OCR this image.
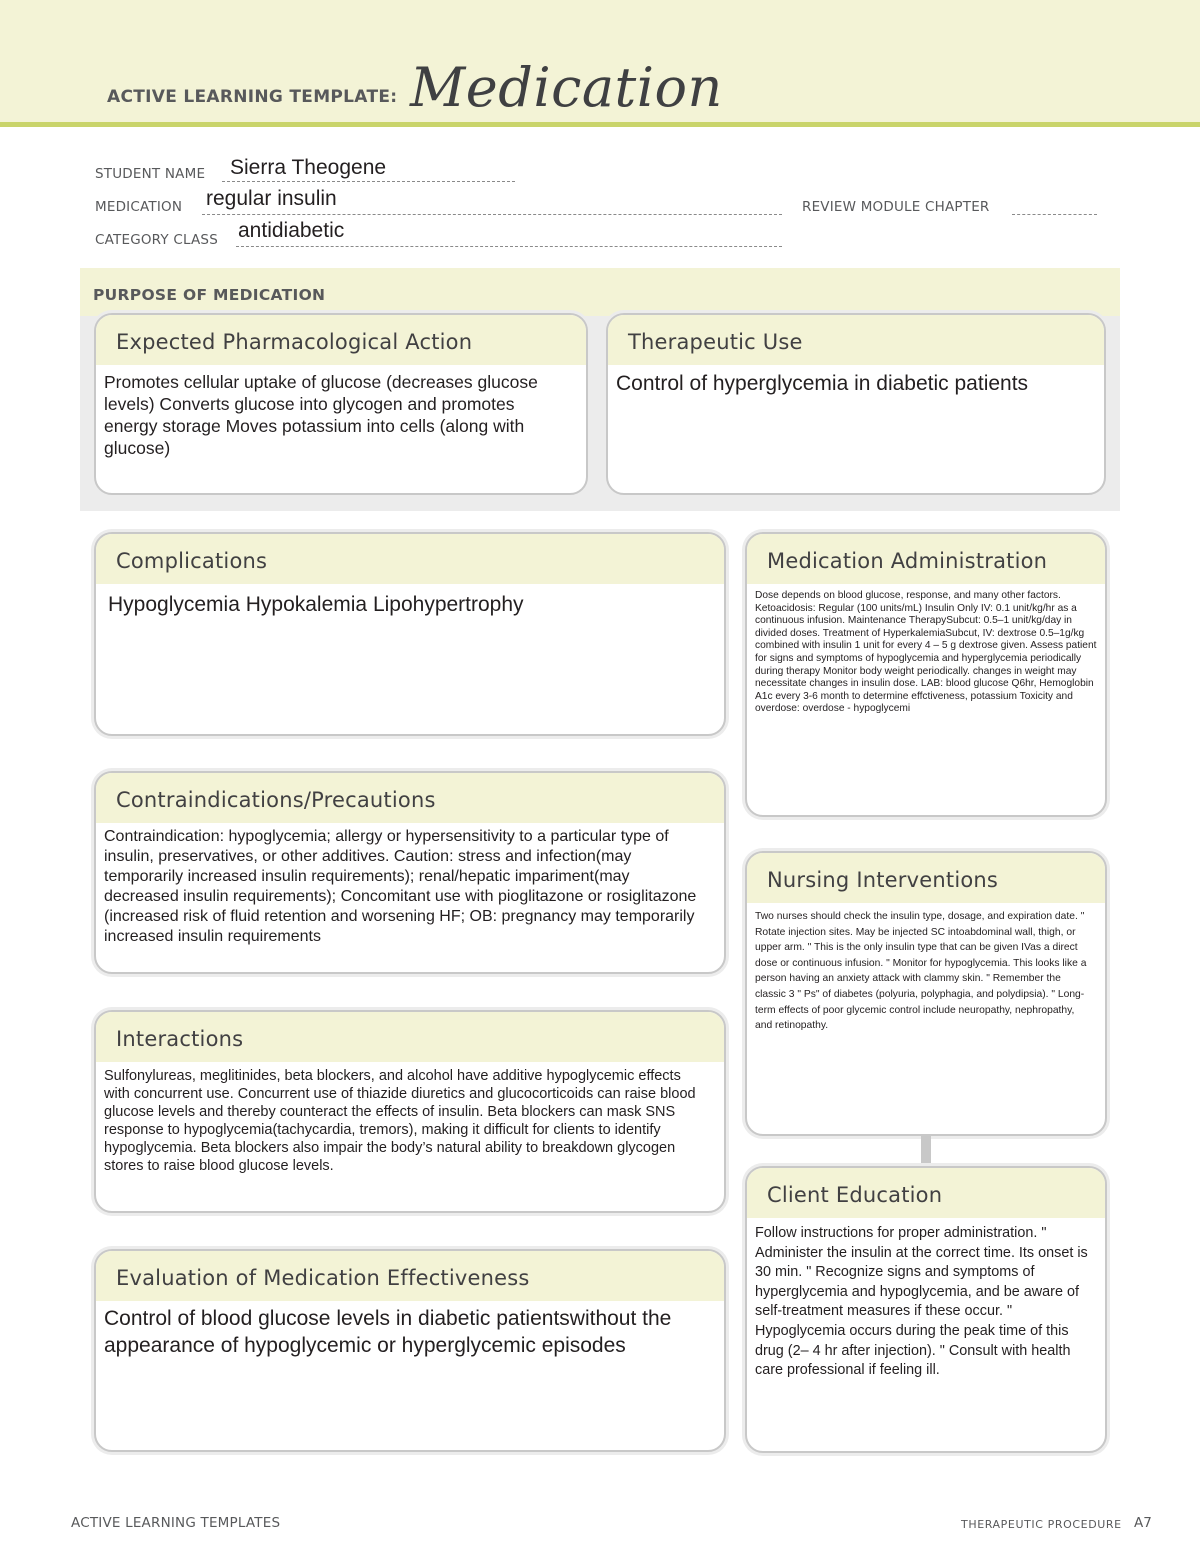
ACTIVE LEARNING TEMPLATE: Medication
STUDENT NAME Sierra Theogene
MEDICATION regular insulin	REVIEW MODULE CHAPTER
CATEGORY CLASS antidiabetic
PURPOSE OF MEDICATION
Expected Pharmacological Action
Promotes cellular uptake of glucose (decreases glucose levels) Converts glucose into glycogen and promotes energy storage Moves potassium into cells (along with glucose)
Therapeutic Use
Control of hyperglycemia in diabetic patients
Complications
Hypoglycemia Hypokalemia Lipohypertrophy
Contraindications/Precautions
Contraindication: hypoglycemia; allergy or hypersensitivity to a particular type of insulin, preservatives, or other additives. Caution: stress and infection(may temporarily increased insulin requirements); renal/hepatic impariment(may decreased insulin requirements); Concomitant use with pioglitazone or rosiglitazone (increased risk of fluid retention and worsening HF; OB: pregnancy may temporarily increased insulin requirements
Interactions
Sulfonylureas, meglitinides, beta blockers, and alcohol have additive hypoglycemic effects with concurrent use. Concurrent use of thiazide diuretics and glucocorticoids can raise blood glucose levels and thereby counteract the effects of insulin. Beta blockers can mask SNS response to hypoglycemia(tachycardia, tremors), making it difficult for clients to identify hypoglycemia. Beta blockers also impair the body’s natural ability to breakdown glycogen stores to raise blood glucose levels.
Evaluation of Medication Effectiveness
Control of blood glucose levels in diabetic patientswithout the appearance of hypoglycemic or hyperglycemic episodes
Medication Administration
Dose depends on blood glucose, response, and many other factors. Ketoacidosis: Regular (100 units/mL) Insulin Only IV: 0.1 unit/kg/hr as a continuous infusion. Maintenance TherapySubcut: 0.5–1 unit/kg/day in divided doses. Treatment of HyperkalemiaSubcut, IV: dextrose 0.5–1g/kg combined with insulin 1 unit for every 4 – 5 g dextrose given. Assess patient for signs and symptoms of hypoglycemia and hyperglycemia periodically during therapy Monitor body weight periodically. changes in weight may necessitate changes in insulin dose. LAB: blood glucose Q6hr, Hemoglobin A1c every 3-6 month to determine effctiveness, potassium Toxicity and overdose: overdose - hypoglycemi
Nursing Interventions
Two nurses should check the insulin type, dosage, and expiration date. " Rotate injection sites. May be injected SC intoabdominal wall, thigh, or upper arm. " This is the only insulin type that can be given IVas a direct dose or continuous infusion. " Monitor for hypoglycemia. This looks like a person having an anxiety attack with clammy skin. " Remember the classic 3 " Ps" of diabetes (polyuria, polyphagia, and polydipsia). " Long-term effects of poor glycemic control include neuropathy, nephropathy, and retinopathy.
Client Education
Follow instructions for proper administration. " Administer the insulin at the correct time. Its onset is 30 min. " Recognize signs and symptoms of hyperglycemia and hypoglycemia, and be aware of self-treatment measures if these occur. " Hypoglycemia occurs during the peak time of this drug (2– 4 hr after injection). " Consult with health care professional if feeling ill.
ACTIVE LEARNING TEMPLATES	THERAPEUTIC PROCEDURE A7
